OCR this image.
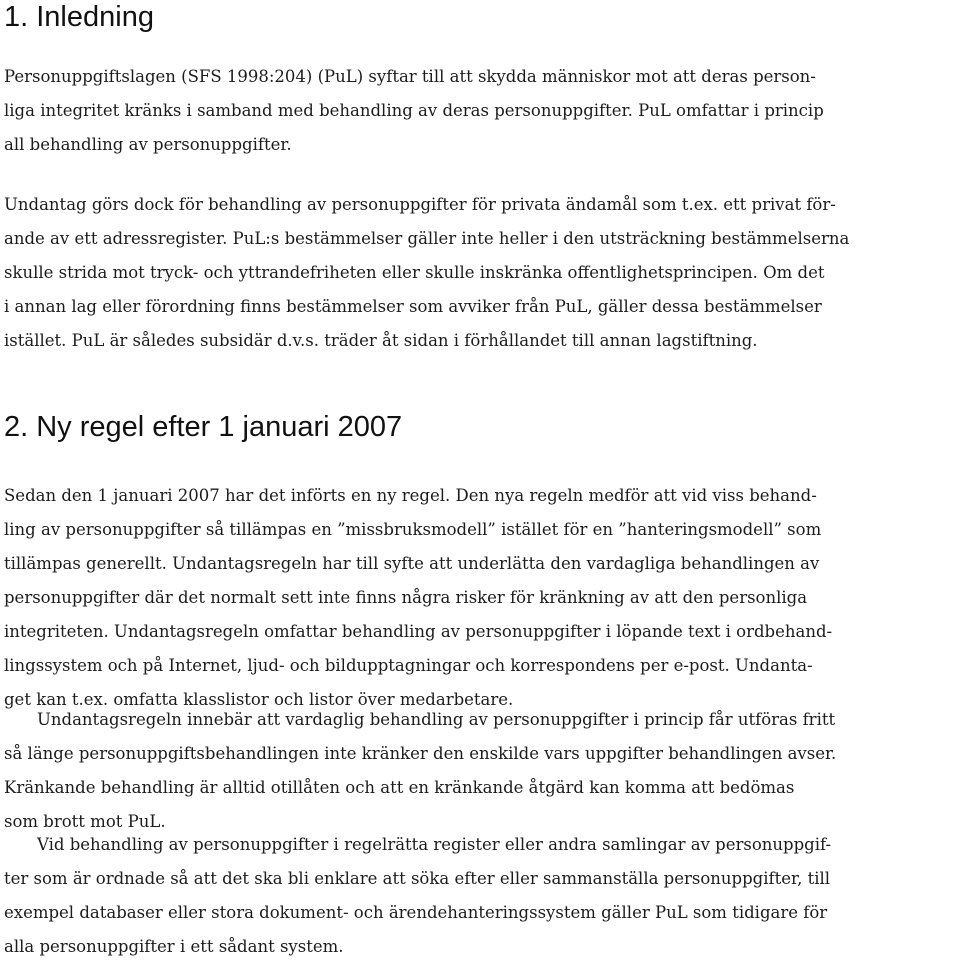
1. Inledning

Personuppgiftslagen (SFS 1998:204) (PuL) syftar till att skydda människor mot att deras person-
liga integritet kränks i samband med behandling av deras personuppgifter. PuL omfattar i princip
all behandling av personuppgifter.

Undantag görs dock för behandling av personuppgifter för privata ändamål som t.ex. ett privat för-
ande av ett adressregister. PuL:s bestämmelser gäller inte heller i den utsträckning bestämmelserna
skulle strida mot tryck- och yttrandefriheten eller skulle inskränka offentlighetsprincipen. Om det
i annan lag eller förordning finns bestämmelser som avviker från PuL, gäller dessa bestämmelser
istället. PuL är således subsidär d.v.s. träder åt sidan i förhållandet till annan lagstiftning.

2. Ny regel efter 1 januari 2007

Sedan den 1 januari 2007 har det införts en ny regel. Den nya regeln medför att vid viss behand-
ling av personuppgifter så tillämpas en ”missbruksmodell” istället för en ”hanteringsmodell” som
tillämpas generellt. Undantagsregeln har till syfte att underlätta den vardagliga behandlingen av
personuppgifter där det normalt sett inte finns några risker för kränkning av att den personliga
integriteten. Undantagsregeln omfattar behandling av personuppgifter i löpande text i ordbehand-
lingssystem och på Internet, ljud- och bildupptagningar och korrespondens per e-post. Undanta-
get kan t.ex. omfatta klasslistor och listor över medarbetare.

Undantagsregeln innebär att vardaglig behandling av personuppgifter i princip får utföras fritt
så länge personuppgiftsbehandlingen inte kränker den enskilde vars uppgifter behandlingen avser.
Kränkande behandling är alltid otillåten och att en kränkande åtgärd kan komma att bedömas
som brott mot PuL.

Vid behandling av personuppgifter i regelrätta register eller andra samlingar av personuppgif-
ter som är ordnade så att det ska bli enklare att söka efter eller sammanställa personuppgifter, till
exempel databaser eller stora dokument- och ärendehanteringssystem gäller PuL som tidigare för
alla personuppgifter i ett sådant system.
